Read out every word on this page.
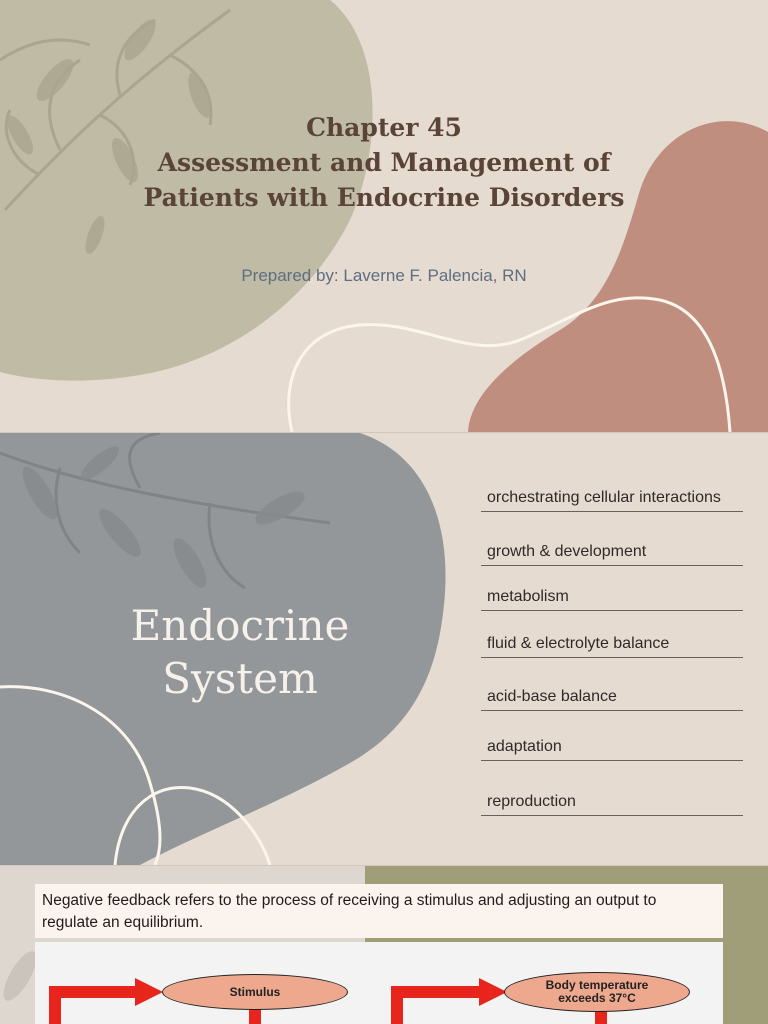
Chapter 45
Assessment and Management of
Patients with Endocrine Disorders
Prepared by: Laverne F. Palencia, RN
Endocrine
System
orchestrating cellular interactions
growth & development
metabolism
fluid & electrolyte balance
acid-base balance
adaptation
reproduction
Negative feedback refers to the process of receiving a stimulus and adjusting an output to regulate an equilibrium.
Stimulus	Body temperature
exceeds 37°C
